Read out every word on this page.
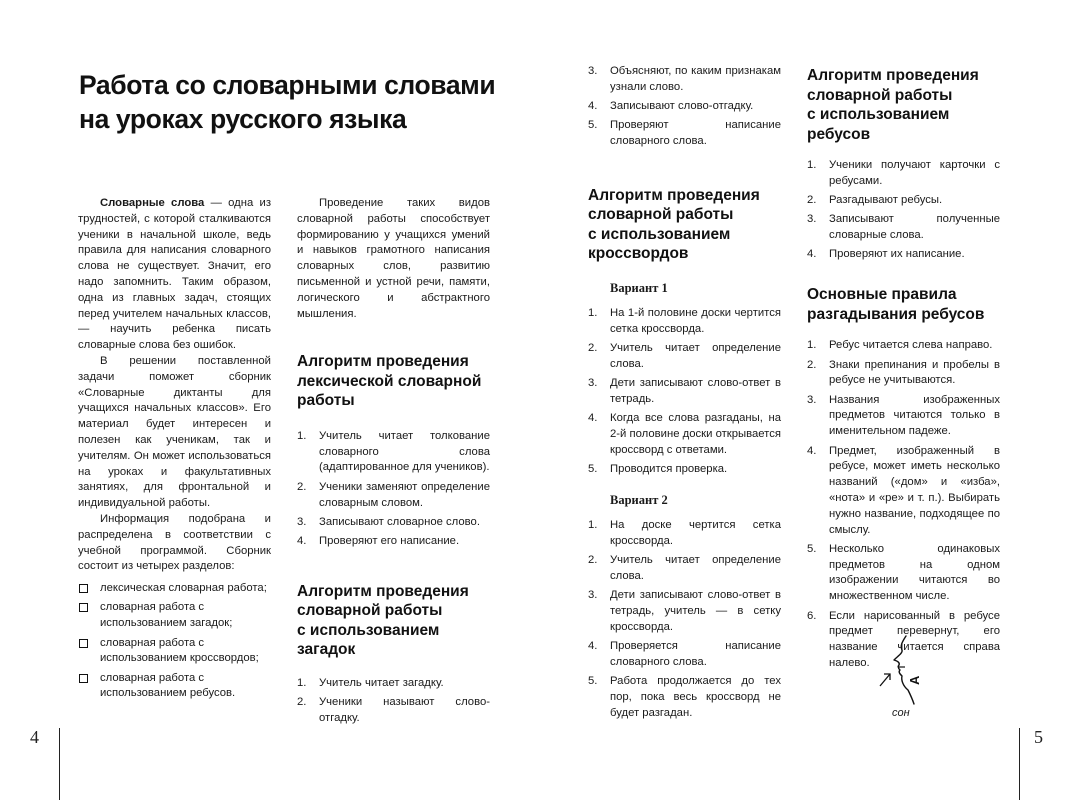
4	5
Работа со словарными словами
на уроках русского языка

Словарные слова — одна из трудностей, с которой сталкиваются ученики в начальной школе, ведь правила для написания словарного слова не существует. Значит, его надо запомнить. Таким образом, одна из главных задач, стоящих перед учителем начальных классов, — научить ребенка писать словарные слова без ошибок.

В решении поставленной задачи поможет сборник «Словарные диктанты для учащихся начальных классов». Его материал будет интересен и полезен как ученикам, так и учителям. Он может использоваться на уроках и факультативных занятиях, для фронтальной и индивидуальной работы.

Информация подобрана и распределена в соответствии с учебной программой. Сборник состоит из четырех разделов:

лексическая словарная работа;
словарная работа с использованием загадок;
словарная работа с использованием кроссвордов;
словарная работа с использованием ребусов.

Проведение таких видов словарной работы способствует формированию у учащихся умений и навыков грамотного написания словарных слов, развитию письменной и устной речи, памяти, логического и абстрактного мышления.

Алгоритм проведения
лексической словарной
работы
1. Учитель читает толкование словарного слова (адаптированное для учеников).
2. Ученики заменяют определение словарным словом.
3. Записывают словарное слово.
4. Проверяют его написание.
Алгоритм проведения
словарной работы
с использованием
загадок
1. Учитель читает загадку.
2. Ученики называют слово-отгадку.
3. Объясняют, по каким признакам узнали слово.
4. Записывают слово-отгадку.
5. Проверяют написание словарного слова.
Алгоритм проведения
словарной работы
с использованием
кроссвордов
Вариант 1
1. На 1-й половине доски чертится сетка кроссворда.
2. Учитель читает определение слова.
3. Дети записывают слово-ответ в тетрадь.
4. Когда все слова разгаданы, на 2-й половине доски открывается кроссворд с ответами.
5. Проводится проверка.
Вариант 2
1. На доске чертится сетка кроссворда.
2. Учитель читает определение слова.
3. Дети записывают слово-ответ в тетрадь, учитель — в сетку кроссворда.
4. Проверяется написание словарного слова.
5. Работа продолжается до тех пор, пока весь кроссворд не будет разгадан.
Алгоритм проведения
словарной работы
с использованием
ребусов
1. Ученики получают карточки с ребусами.
2. Разгадывают ребусы.
3. Записывают полученные словарные слова.
4. Проверяют их написание.
Основные правила
разгадывания ребусов
1. Ребус читается слева направо.
2. Знаки препинания и пробелы в ребусе не учитываются.
3. Названия изображенных предметов читаются только в именительном падеже.
4. Предмет, изображенный в ребусе, может иметь несколько названий («дом» и «изба», «нота» и «ре» и т. п.). Выбирать нужно название, подходящее по смыслу.
5. Несколько одинаковых предметов на одном изображении читаются во множественном числе.
6. Если нарисованный в ребусе предмет перевернут, его название читается справа налево.
А
сон
